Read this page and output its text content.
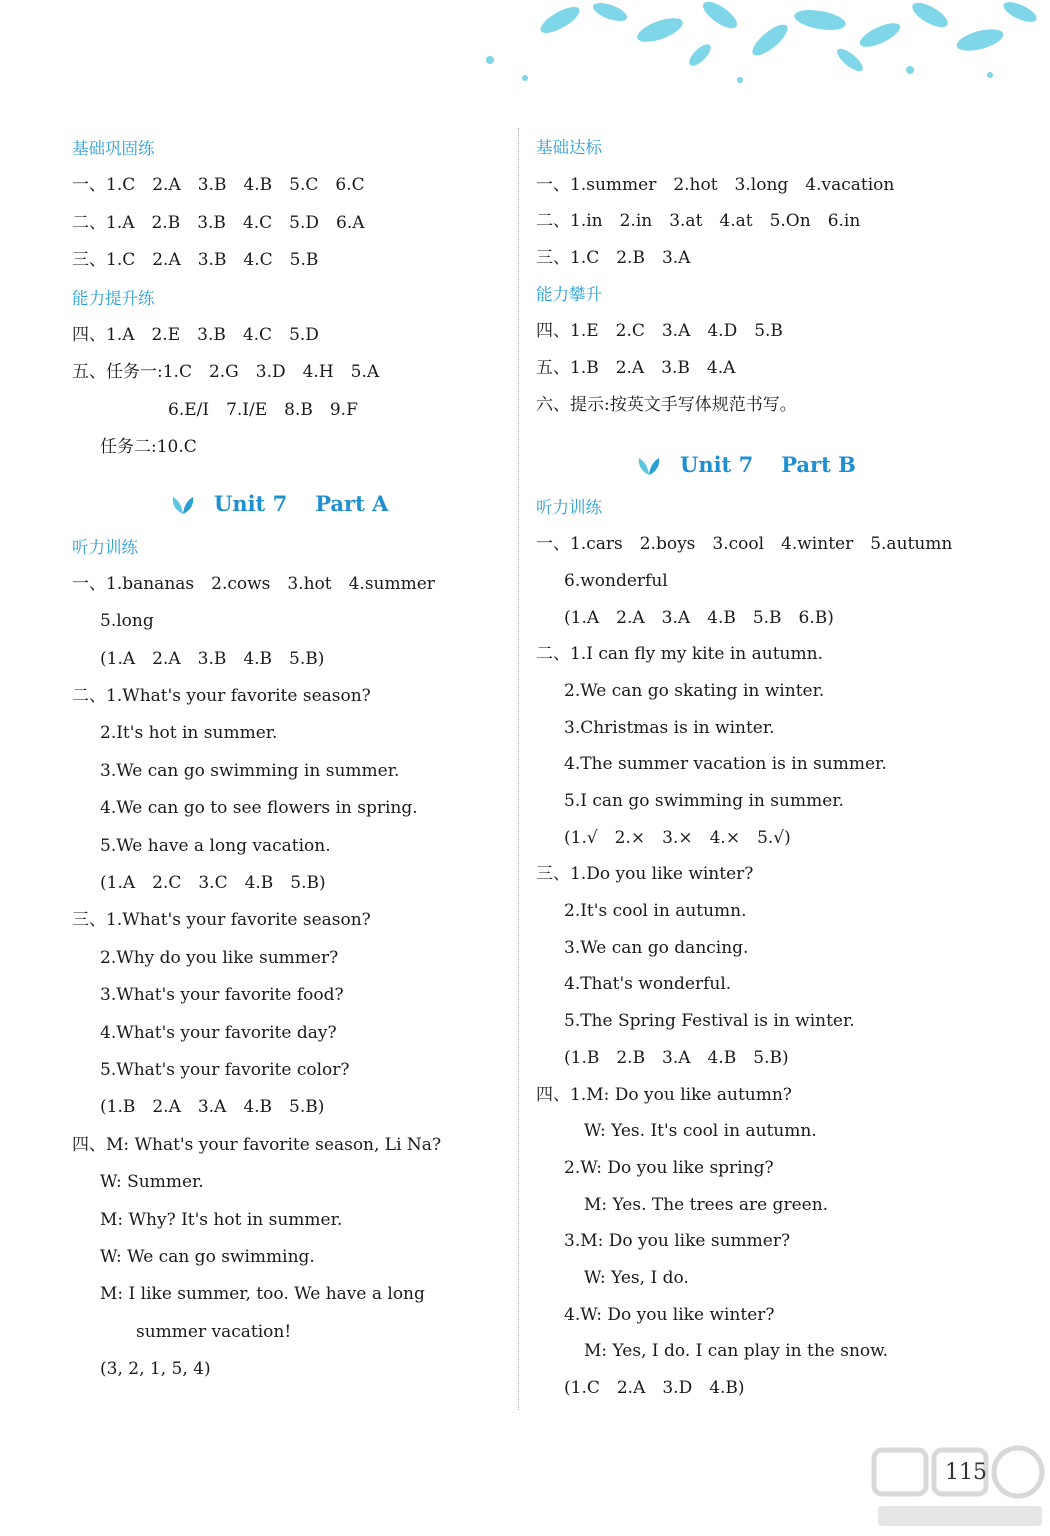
基础巩固练
一、1.C　2.A　3.B　4.B　5.C　6.C
二、1.A　2.B　3.B　4.C　5.D　6.A
三、1.C　2.A　3.B　4.C　5.B
能力提升练
四、1.A　2.E　3.B　4.C　5.D
五、任务一:1.C　2.G　3.D　4.H　5.A
6.E/I　7.I/E　8.B　9.F
任务二:10.C
Unit 7 Part A
听力训练
一、1.bananas　2.cows　3.hot　4.summer
5.long
(1.A　2.A　3.B　4.B　5.B)
二、1.What's your favorite season?
2.It's hot in summer.
3.We can go swimming in summer.
4.We can go to see flowers in spring.
5.We have a long vacation.
(1.A　2.C　3.C　4.B　5.B)
三、1.What's your favorite season?
2.Why do you like summer?
3.What's your favorite food?
4.What's your favorite day?
5.What's your favorite color?
(1.B　2.A　3.A　4.B　5.B)
四、M: What's your favorite season, Li Na?
W: Summer.
M: Why? It's hot in summer.
W: We can go swimming.
M: I like summer, too. We have a long
summer vacation!
(3, 2, 1, 5, 4)
基础达标
一、1.summer　2.hot　3.long　4.vacation
二、1.in　2.in　3.at　4.at　5.On　6.in
三、1.C　2.B　3.A
能力攀升
四、1.E　2.C　3.A　4.D　5.B
五、1.B　2.A　3.B　4.A
六、提示:按英文手写体规范书写。
Unit 7 Part B
听力训练
一、1.cars　2.boys　3.cool　4.winter　5.autumn
6.wonderful
(1.A　2.A　3.A　4.B　5.B　6.B)
二、1.I can fly my kite in autumn.
2.We can go skating in winter.
3.Christmas is in winter.
4.The summer vacation is in summer.
5.I can go swimming in summer.
(1.√　2.×　3.×　4.×　5.√)
三、1.Do you like winter?
2.It's cool in autumn.
3.We can go dancing.
4.That's wonderful.
5.The Spring Festival is in winter.
(1.B　2.B　3.A　4.B　5.B)
四、1.M: Do you like autumn?
W: Yes. It's cool in autumn.
2.W: Do you like spring?
M: Yes. The trees are green.
3.M: Do you like summer?
W: Yes, I do.
4.W: Do you like winter?
M: Yes, I do. I can play in the snow.
(1.C　2.A　3.D　4.B)
115
